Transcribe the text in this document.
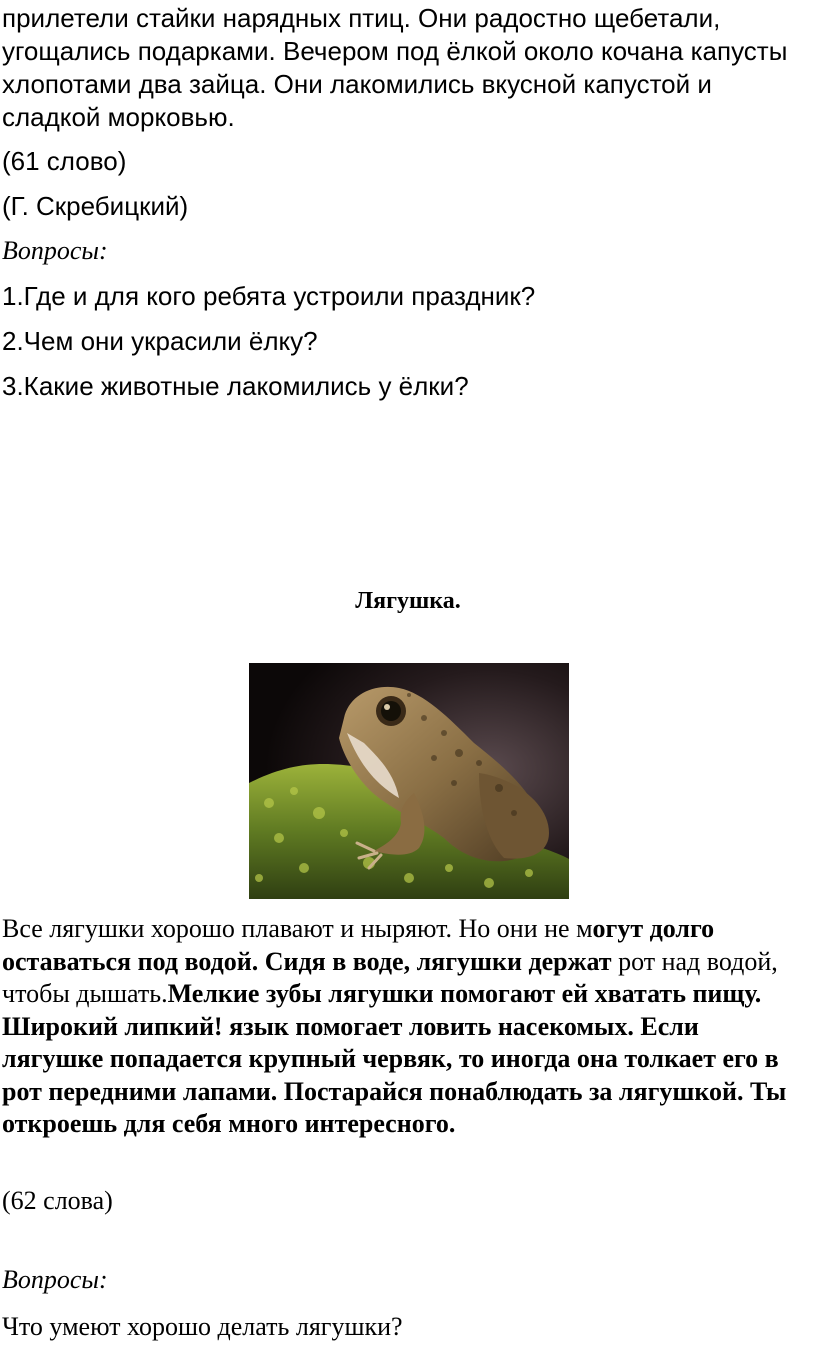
прилетели стайки нарядных птиц. Они радостно щебетали, угощались подарками. Вечером под ёлкой около кочана капусты хлопотами два зайца. Они лакомились вкусной капустой и сладкой морковью.

(61 слово)

(Г. Скребицкий)

Вопросы:

1.Где и для кого ребята устроили праздник?

2.Чем они украсили ёлку?

3.Какие животные лакомились у ёлки?

Лягушка.

Все лягушки хорошо плавают и ныряют. Но они не могут долго оставаться под водой. Сидя в воде, лягушки держат рот над водой, чтобы дышать.Мелкие зубы лягушки помогают ей хватать пищу. Широкий липкий! язык помогает ловить насекомых. Если лягушке попадается крупный червяк, то иногда она толкает его в рот передними лапами. Постарайся понаблюдать за лягушкой. Ты откроешь для себя много интересного.

(62 слова)

Вопросы:

Что умеют хорошо делать лягушки?
